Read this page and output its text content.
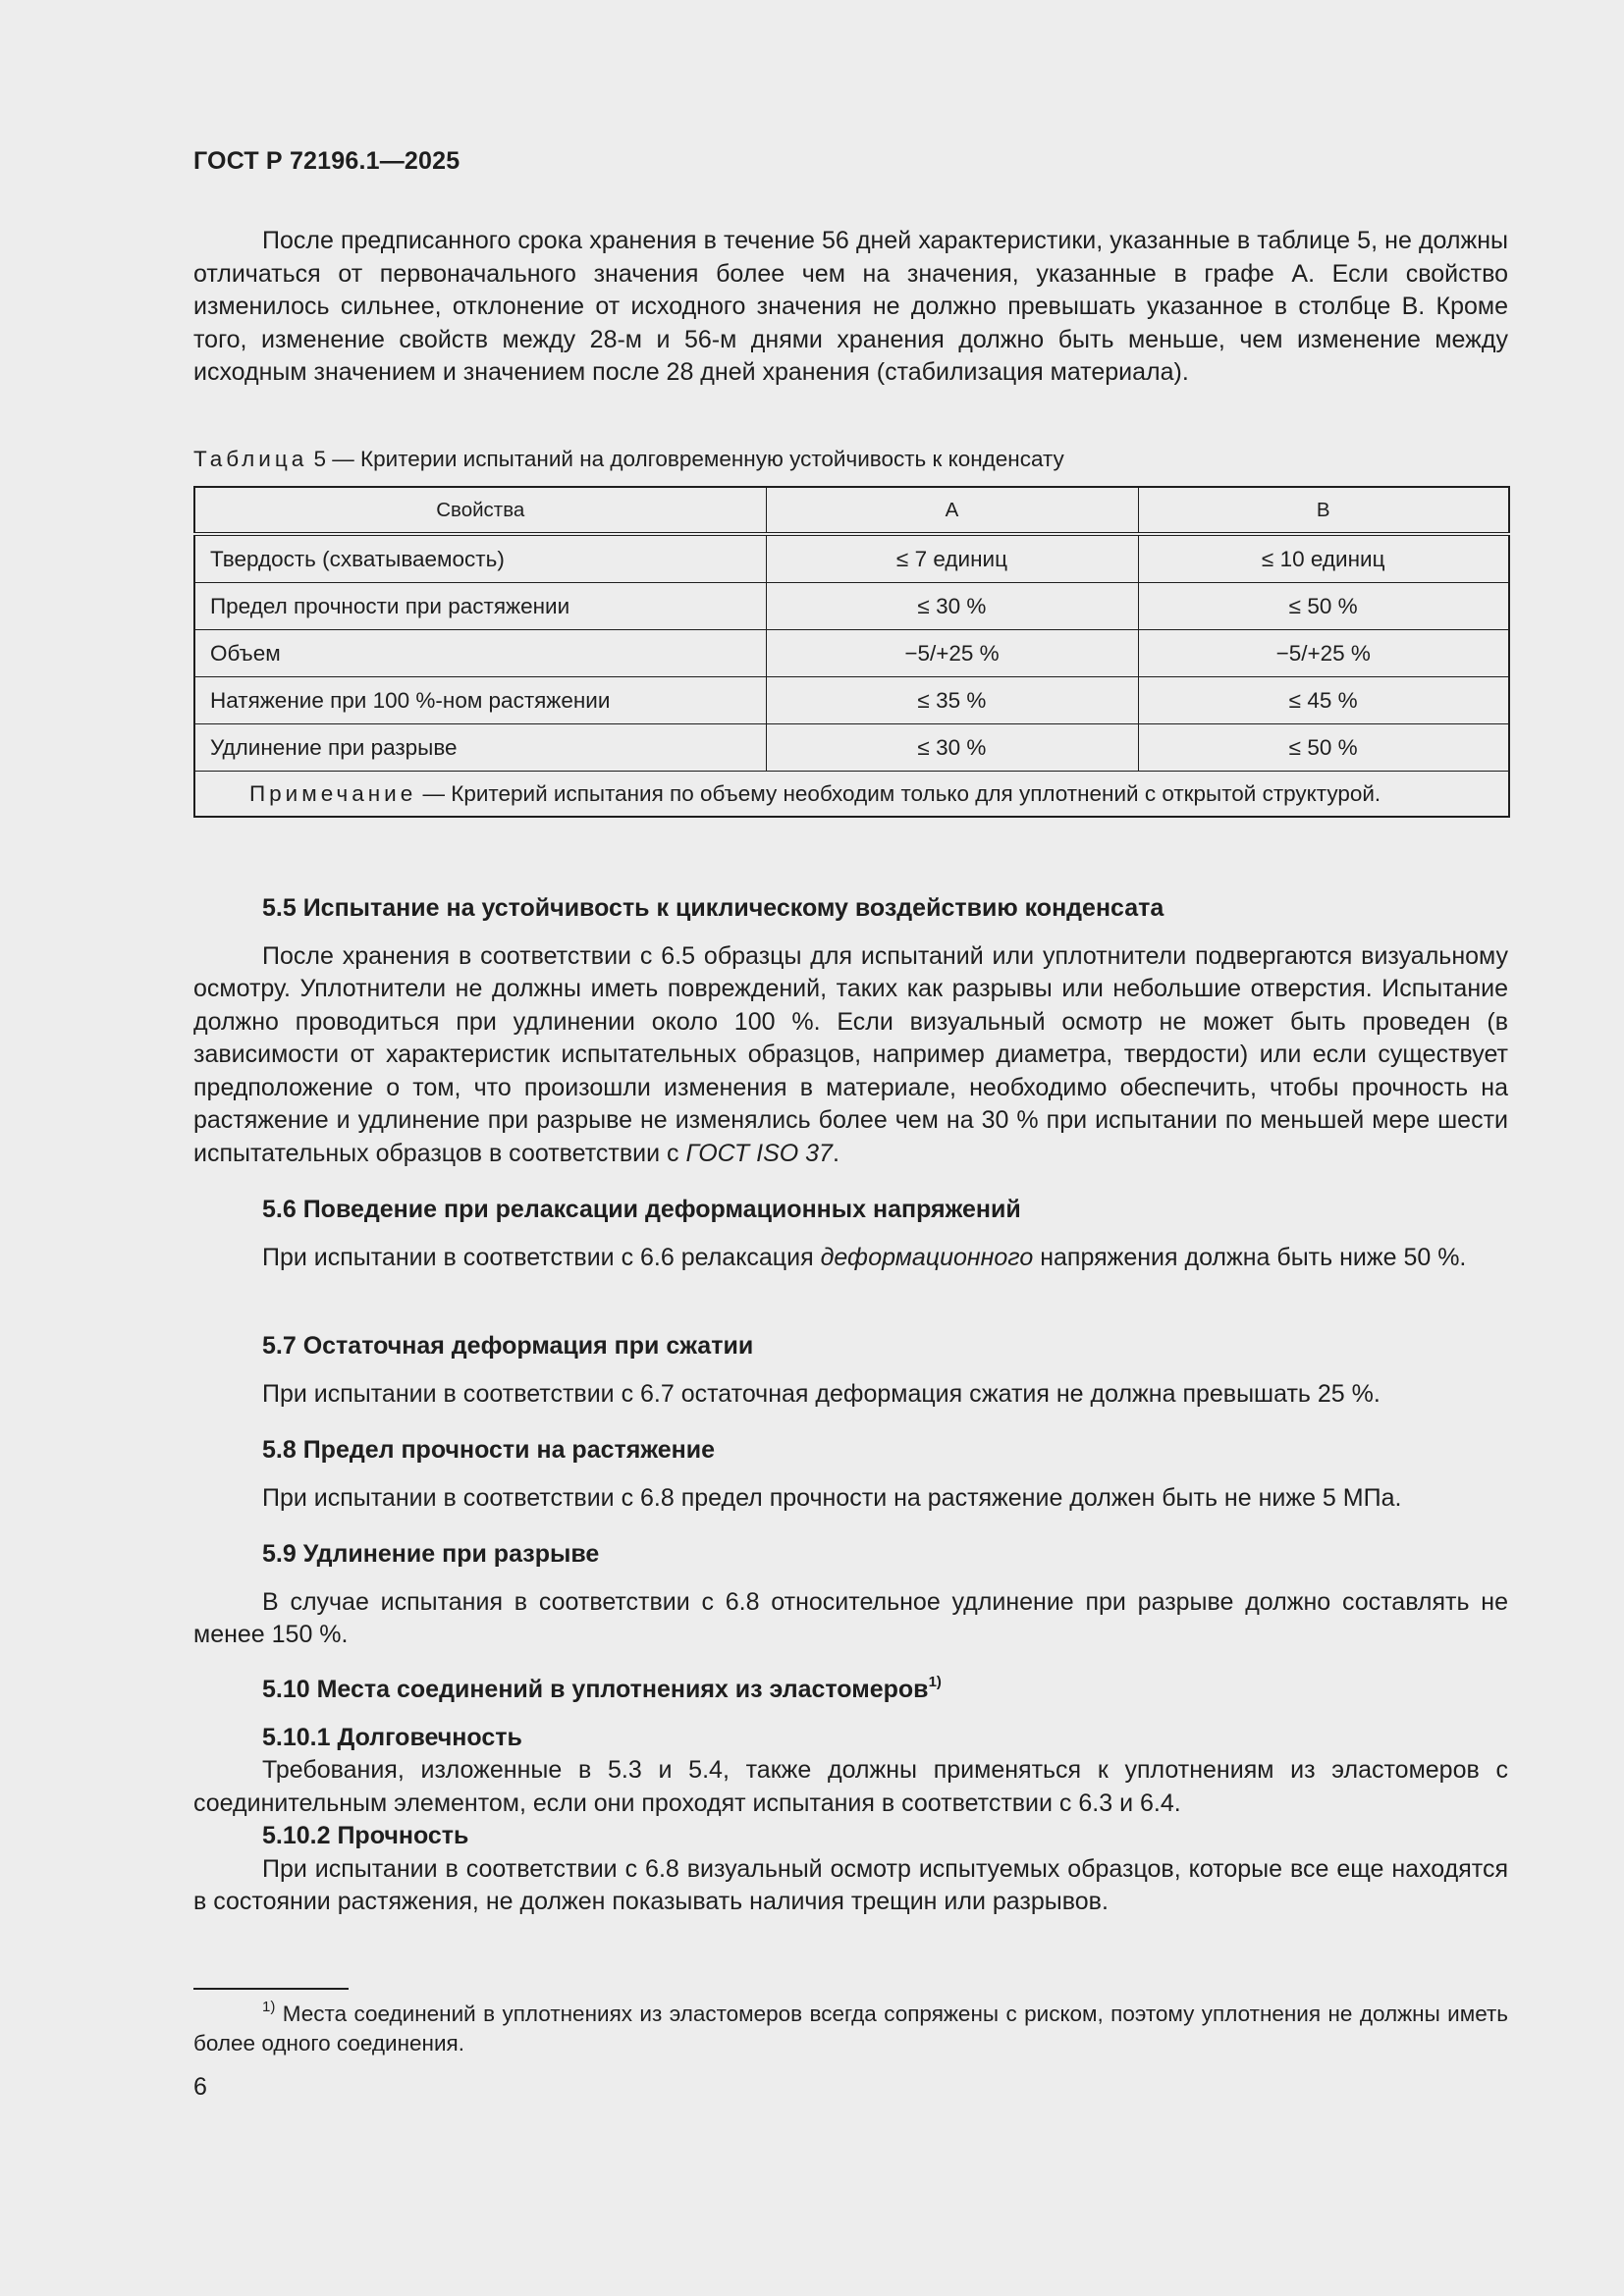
ГОСТ Р 72196.1—2025

После предписанного срока хранения в течение 56 дней характеристики, указанные в таблице 5, не должны отличаться от первоначального значения более чем на значения, указанные в графе А. Если свойство изменилось сильнее, отклонение от исходного значения не должно превышать указанное в столбце В. Кроме того, изменение свойств между 28-м и 56-м днями хранения должно быть меньше, чем изменение между исходным значением и значением после 28 дней хранения (стабилизация материала).

Таблица 5 — Критерии испытаний на долговременную устойчивость к конденсату

Свойства	A	B
Твердость (схватываемость)	≤ 7 единиц	≤ 10 единиц
Предел прочности при растяжении	≤ 30 %	≤ 50 %
Объем	−5/+25 %	−5/+25 %
Натяжение при 100 %-ном растяжении	≤ 35 %	≤ 45 %
Удлинение при разрыве	≤ 30 %	≤ 50 %
Примечание — Критерий испытания по объему необходим только для уплотнений с открытой структурой.		

5.5 Испытание на устойчивость к циклическому воздействию конденсата

После хранения в соответствии с 6.5 образцы для испытаний или уплотнители подвергаются визуальному осмотру. Уплотнители не должны иметь повреждений, таких как разрывы или небольшие отверстия. Испытание должно проводиться при удлинении около 100 %. Если визуальный осмотр не может быть проведен (в зависимости от характеристик испытательных образцов, например диаметра, твердости) или если существует предположение о том, что произошли изменения в материале, необходимо обеспечить, чтобы прочность на растяжение и удлинение при разрыве не изменялись более чем на 30 % при испытании по меньшей мере шести испытательных образцов в соответствии с ГОСТ ISO 37.

5.6 Поведение при релаксации деформационных напряжений

При испытании в соответствии с 6.6 релаксация деформационного напряжения должна быть ниже 50 %.

5.7 Остаточная деформация при сжатии

При испытании в соответствии с 6.7 остаточная деформация сжатия не должна превышать 25 %.

5.8 Предел прочности на растяжение

При испытании в соответствии с 6.8 предел прочности на растяжение должен быть не ниже 5 МПа.

5.9 Удлинение при разрыве

В случае испытания в соответствии с 6.8 относительное удлинение при разрыве должно составлять не менее 150 %.

5.10 Места соединений в уплотнениях из эластомеров$^{1)}$

5.10.1 Долговечность

Требования, изложенные в 5.3 и 5.4, также должны применяться к уплотнениям из эластомеров с соединительным элементом, если они проходят испытания в соответствии с 6.3 и 6.4.

5.10.2 Прочность

При испытании в соответствии с 6.8 визуальный осмотр испытуемых образцов, которые все еще находятся в состоянии растяжения, не должен показывать наличия трещин или разрывов.

$^{1)}$ Места соединений в уплотнениях из эластомеров всегда сопряжены с риском, поэтому уплотнения не должны иметь более одного соединения.

6
